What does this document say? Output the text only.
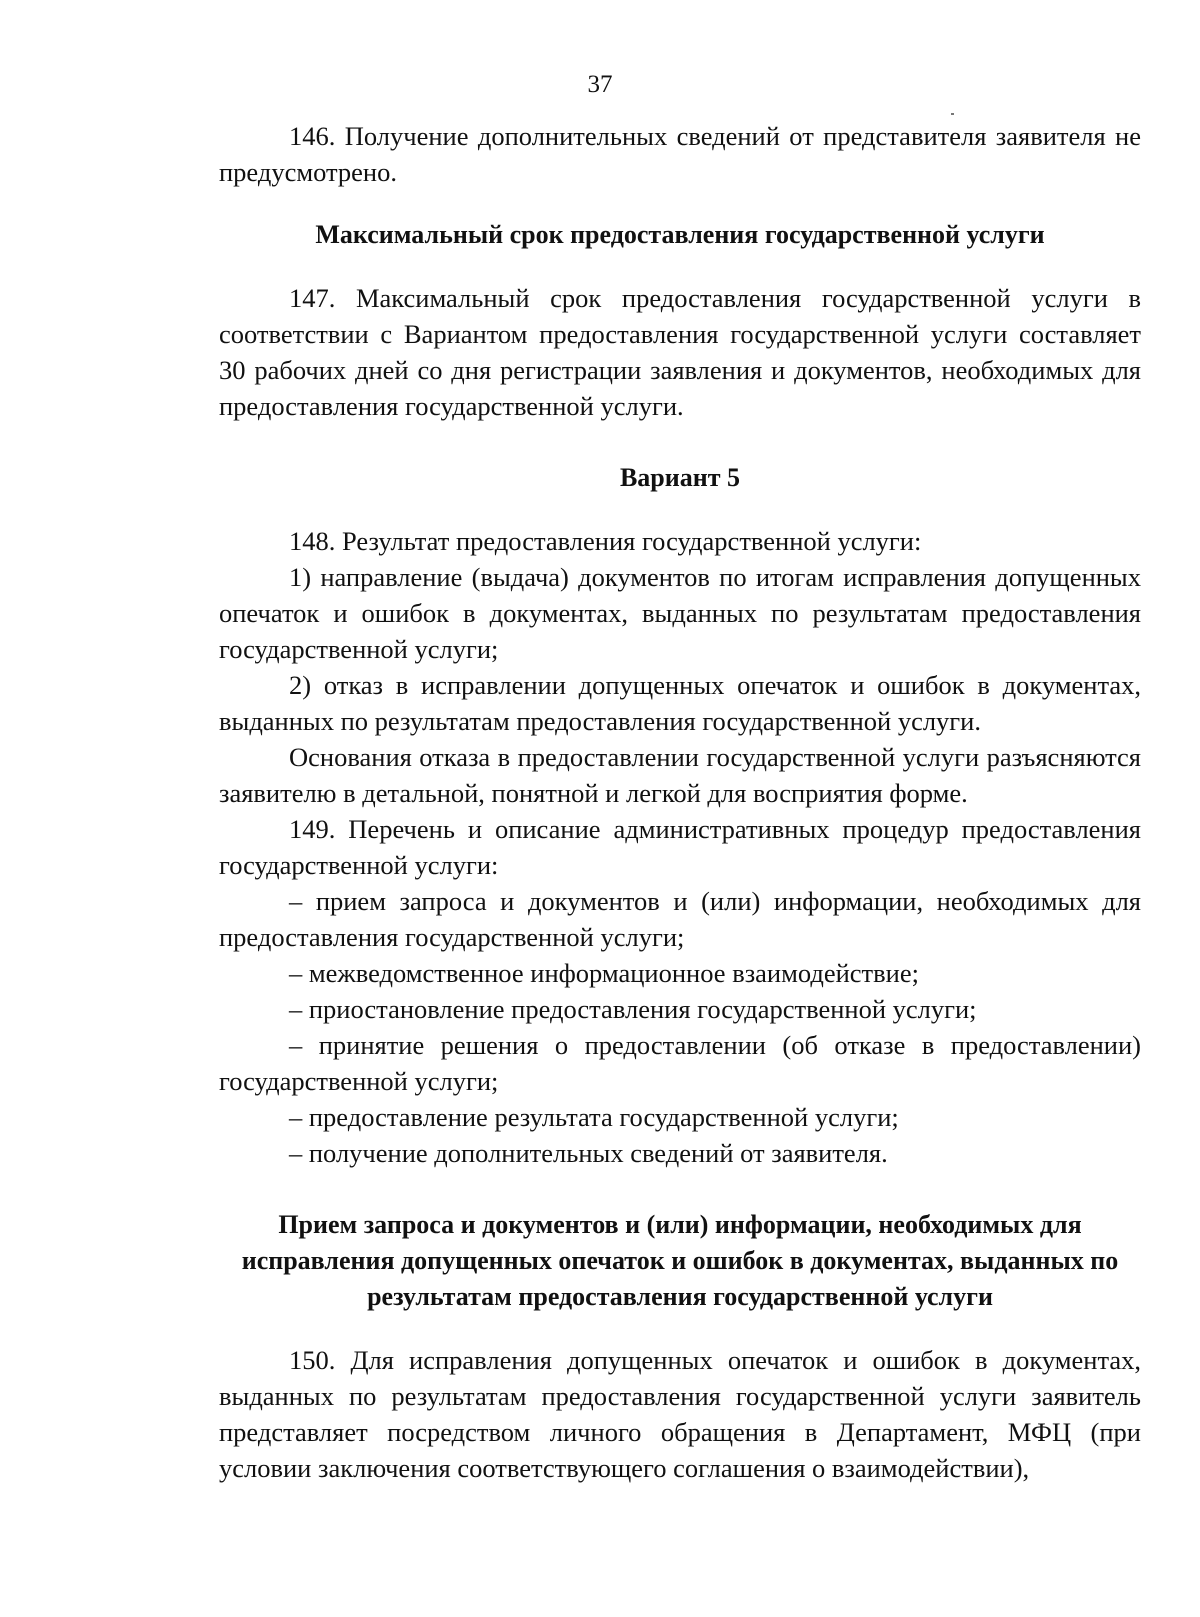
37

146. Получение дополнительных сведений от представителя заявителя не предусмотрено.

Максимальный срок предоставления государственной услуги

147. Максимальный срок предоставления государственной услуги в соответствии с Вариантом предоставления государственной услуги составляет 30 рабочих дней со дня регистрации заявления и документов, необходимых для предоставления государственной услуги.

Вариант 5

148. Результат предоставления государственной услуги:

1) направление (выдача) документов по итогам исправления допущенных опечаток и ошибок в документах, выданных по результатам предоставления государственной услуги;

2) отказ в исправлении допущенных опечаток и ошибок в документах, выданных по результатам предоставления государственной услуги.

Основания отказа в предоставлении государственной услуги разъясняются заявителю в детальной, понятной и легкой для восприятия форме.

149. Перечень и описание административных процедур предоставления государственной услуги:

– прием запроса и документов и (или) информации, необходимых для предоставления государственной услуги;

– межведомственное информационное взаимодействие;

– приостановление предоставления государственной услуги;

– принятие решения о предоставлении (об отказе в предоставлении) государственной услуги;

– предоставление результата государственной услуги;

– получение дополнительных сведений от заявителя.

Прием запроса и документов и (или) информации, необходимых для исправления допущенных опечаток и ошибок в документах, выданных по результатам предоставления государственной услуги

150. Для исправления допущенных опечаток и ошибок в документах, выданных по результатам предоставления государственной услуги заявитель представляет посредством личного обращения в Департамент, МФЦ (при условии заключения соответствующего соглашения о взаимодействии),
